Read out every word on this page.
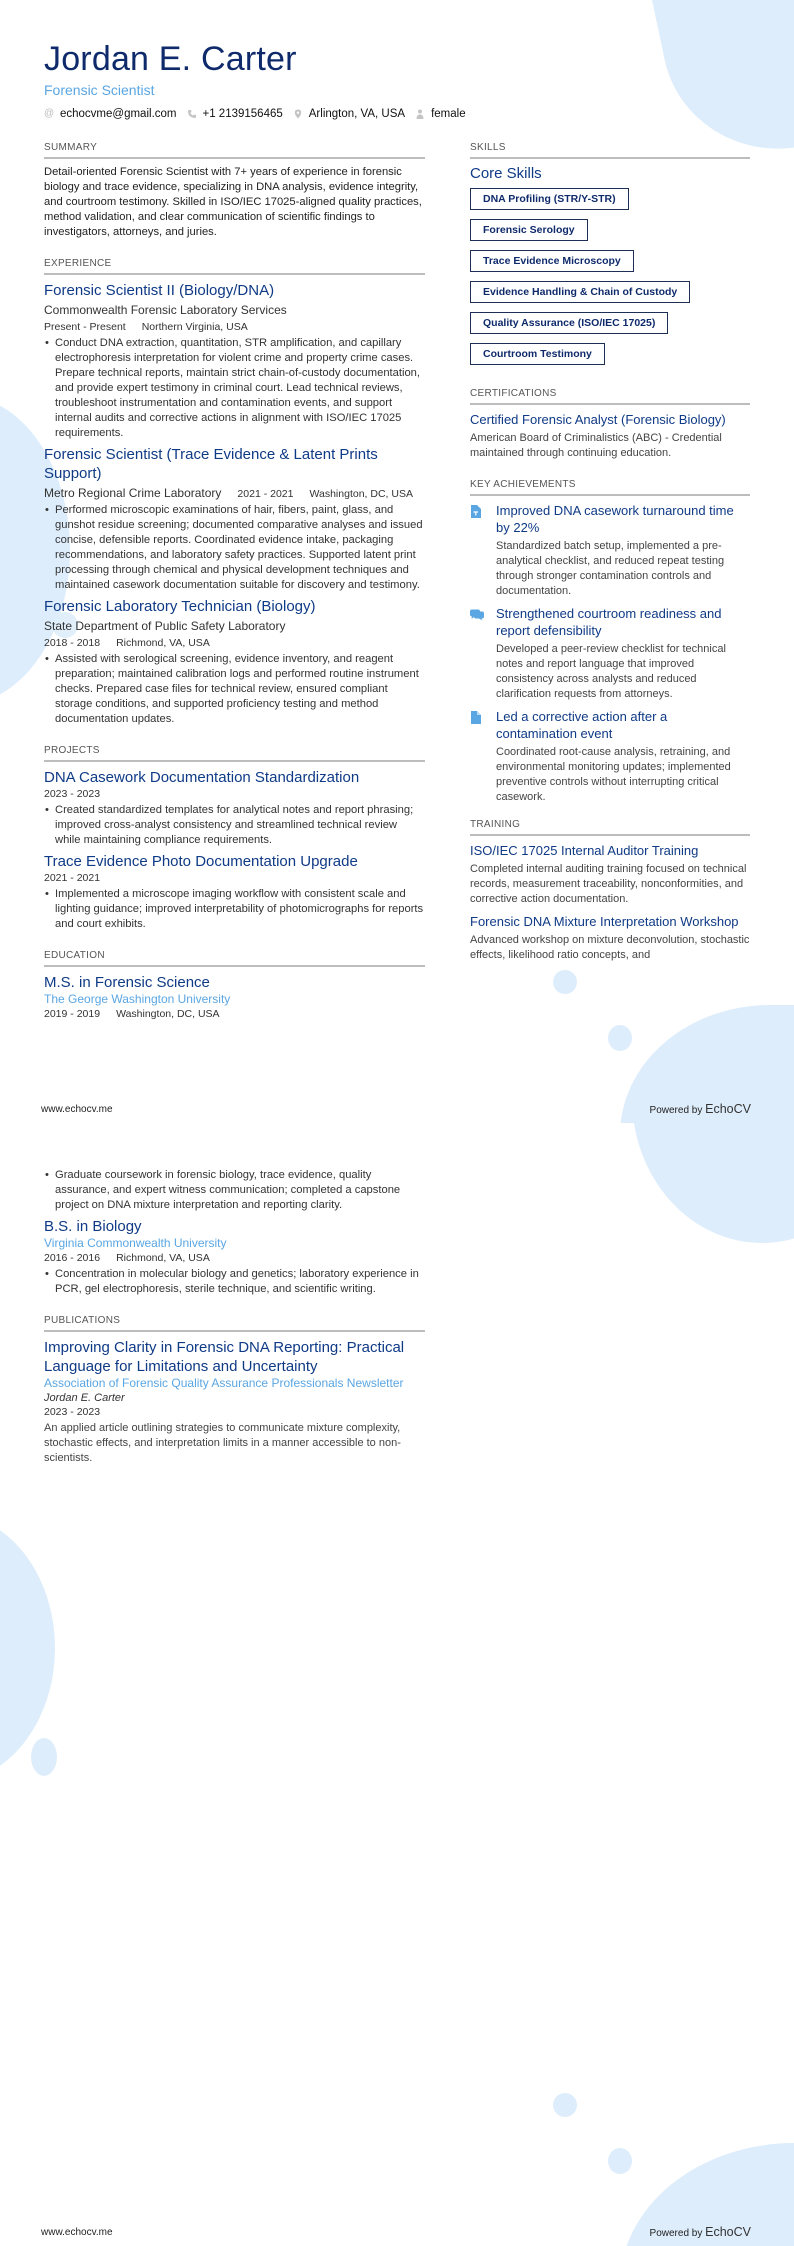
Jordan E. Carter
Forensic Scientist
@ echocvme@gmail.com +1 2139156465 Arlington, VA, USA female
SUMMARY

Detail-oriented Forensic Scientist with 7+ years of experience in forensic biology and trace evidence, specializing in DNA analysis, evidence integrity, and courtroom testimony. Skilled in ISO/IEC 17025-aligned quality practices, method validation, and clear communication of scientific findings to investigators, attorneys, and juries.

EXPERIENCE
Forensic Scientist II (Biology/DNA)
Commonwealth Forensic Laboratory Services
Present - Present Northern Virginia, USA
• Conduct DNA extraction, quantitation, STR amplification, and capillary electrophoresis interpretation for violent crime and property crime cases. Prepare technical reports, maintain strict chain-of-custody documentation, and provide expert testimony in criminal court. Lead technical reviews, troubleshoot instrumentation and contamination events, and support internal audits and corrective actions in alignment with ISO/IEC 17025 requirements.
Forensic Scientist (Trace Evidence & Latent Prints Support)
Metro Regional Crime Laboratory 2021 - 2021 Washington, DC, USA
• Performed microscopic examinations of hair, fibers, paint, glass, and gunshot residue screening; documented comparative analyses and issued concise, defensible reports. Coordinated evidence intake, packaging recommendations, and laboratory safety practices. Supported latent print processing through chemical and physical development techniques and maintained casework documentation suitable for discovery and testimony.
Forensic Laboratory Technician (Biology)
State Department of Public Safety Laboratory
2018 - 2018 Richmond, VA, USA
• Assisted with serological screening, evidence inventory, and reagent preparation; maintained calibration logs and performed routine instrument checks. Prepared case files for technical review, ensured compliant storage conditions, and supported proficiency testing and method documentation updates.
PROJECTS
DNA Casework Documentation Standardization
2023 - 2023
• Created standardized templates for analytical notes and report phrasing; improved cross-analyst consistency and streamlined technical review while maintaining compliance requirements.
Trace Evidence Photo Documentation Upgrade
2021 - 2021
• Implemented a microscope imaging workflow with consistent scale and lighting guidance; improved interpretability of photomicrographs for reports and court exhibits.
EDUCATION
M.S. in Forensic Science
The George Washington University
2019 - 2019 Washington, DC, USA
SKILLS
Core Skills
DNA Profiling (STR/Y-STR)
Forensic Serology
Trace Evidence Microscopy
Evidence Handling & Chain of Custody
Quality Assurance (ISO/IEC 17025)
Courtroom Testimony
CERTIFICATIONS
Certified Forensic Analyst (Forensic Biology)
American Board of Criminalistics (ABC) - Credential maintained through continuing education.
KEY ACHIEVEMENTS
Improved DNA casework turnaround time by 22%
Standardized batch setup, implemented a pre-analytical checklist, and reduced repeat testing through stronger contamination controls and documentation.
Strengthened courtroom readiness and report defensibility
Developed a peer-review checklist for technical notes and report language that improved consistency across analysts and reduced clarification requests from attorneys.
Led a corrective action after a contamination event
Coordinated root-cause analysis, retraining, and environmental monitoring updates; implemented preventive controls without interrupting critical casework.
TRAINING
ISO/IEC 17025 Internal Auditor Training
Completed internal auditing training focused on technical records, measurement traceability, nonconformities, and corrective action documentation.
Forensic DNA Mixture Interpretation Workshop
Advanced workshop on mixture deconvolution, stochastic effects, likelihood ratio concepts, and
www.echocv.me	Powered by EchoCV
• Graduate coursework in forensic biology, trace evidence, quality assurance, and expert witness communication; completed a capstone project on DNA mixture interpretation and reporting clarity.
B.S. in Biology
Virginia Commonwealth University
2016 - 2016 Richmond, VA, USA
• Concentration in molecular biology and genetics; laboratory experience in PCR, gel electrophoresis, sterile technique, and scientific writing.
PUBLICATIONS
Improving Clarity in Forensic DNA Reporting: Practical Language for Limitations and Uncertainty
Association of Forensic Quality Assurance Professionals Newsletter
Jordan E. Carter
2023 - 2023

An applied article outlining strategies to communicate mixture complexity, stochastic effects, and interpretation limits in a manner accessible to non-scientists.

www.echocv.me	Powered by EchoCV
